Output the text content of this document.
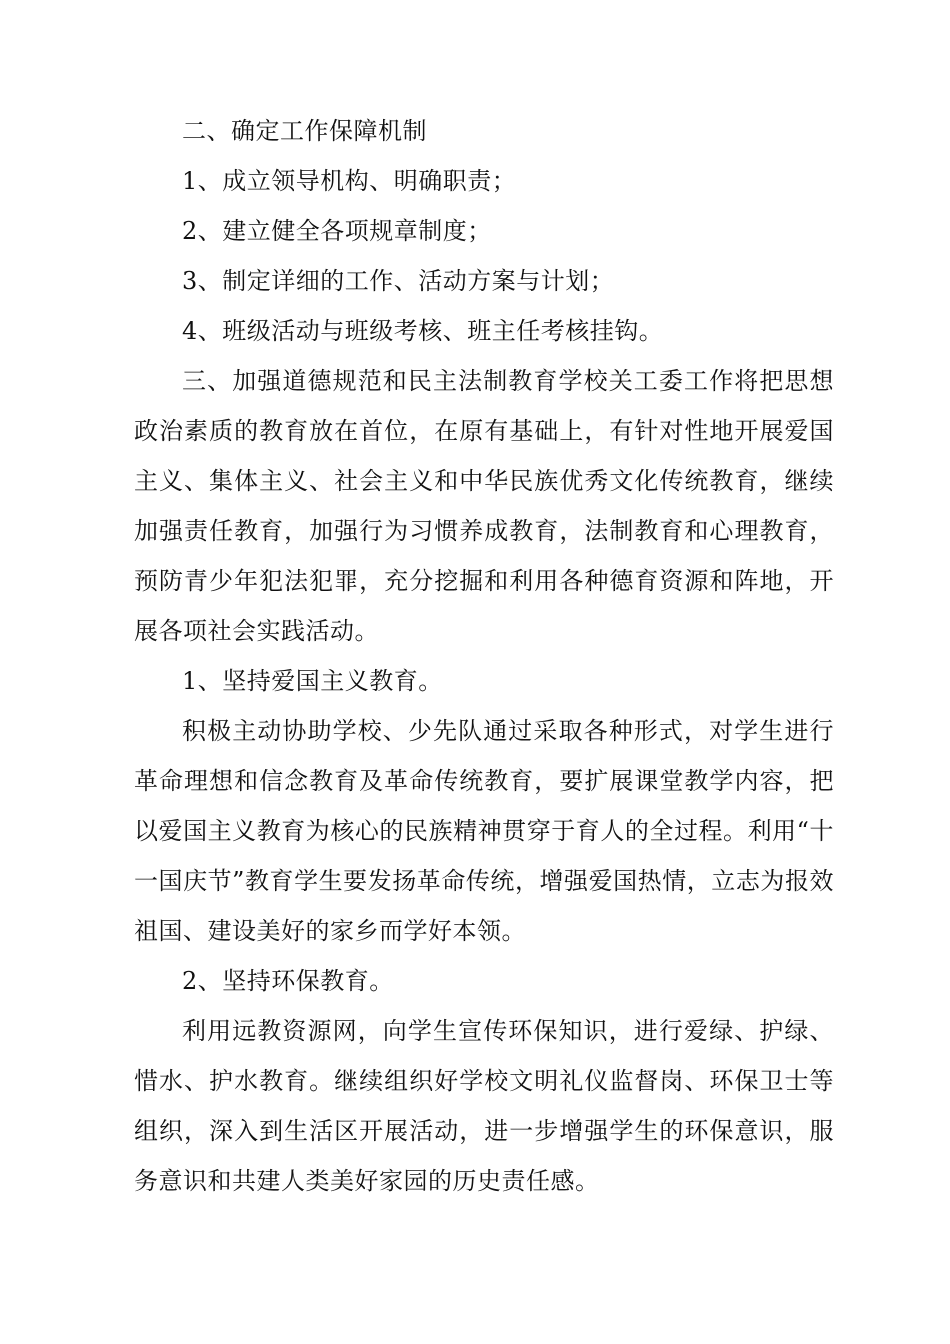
二、确定工作保障机制

1、成立领导机构、明确职责；

2、建立健全各项规章制度；

3、制定详细的工作、活动方案与计划；

4、班级活动与班级考核、班主任考核挂钩。

三、加强道德规范和民主法制教育学校关工委工作将把思想政治素质的教育放在首位，在原有基础上，有针对性地开展爱国主义、集体主义、社会主义和中华民族优秀文化传统教育，继续加强责任教育，加强行为习惯养成教育，法制教育和心理教育，预防青少年犯法犯罪，充分挖掘和利用各种德育资源和阵地，开展各项社会实践活动。

1、坚持爱国主义教育。

积极主动协助学校、少先队通过采取各种形式，对学生进行革命理想和信念教育及革命传统教育，要扩展课堂教学内容，把以爱国主义教育为核心的民族精神贯穿于育人的全过程。利用“十一国庆节”教育学生要发扬革命传统，增强爱国热情，立志为报效祖国、建设美好的家乡而学好本领。

2、坚持环保教育。

利用远教资源网，向学生宣传环保知识，进行爱绿、护绿、惜水、护水教育。继续组织好学校文明礼仪监督岗、环保卫士等组织，深入到生活区开展活动，进一步增强学生的环保意识，服务意识和共建人类美好家园的历史责任感。
